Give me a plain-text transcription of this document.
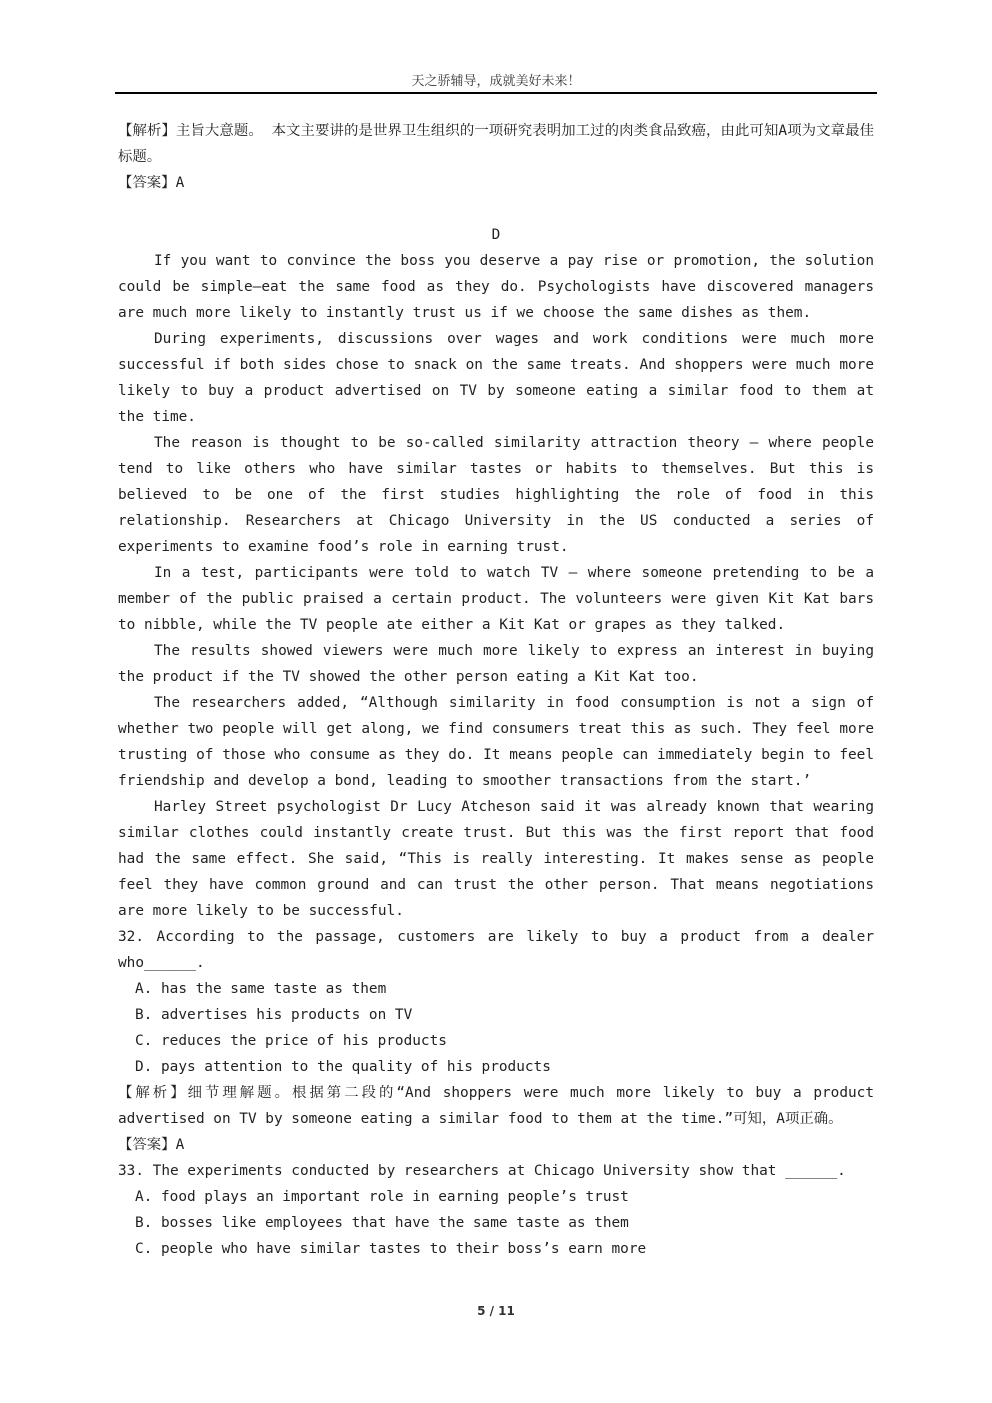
天之骄辅导，成就美好未来！

【解析】主旨大意题。 本文主要讲的是世界卫生组织的一项研究表明加工过的肉类食品致癌，由此可知A项为文章最佳标题。

【答案】A

D

If you want to convince the boss you deserve a pay rise or promotion, the solution could be simple—eat the same food as they do. Psychologists have discovered managers are much more likely to instantly trust us if we choose the same dishes as them.

During experiments, discussions over wages and work conditions were much more successful if both sides chose to snack on the same treats. And shoppers were much more likely to buy a product advertised on TV by someone eating a similar food to them at the time.

The reason is thought to be so-called similarity attraction theory – where people tend to like others who have similar tastes or habits to themselves. But this is believed to be one of the first studies highlighting the role of food in this relationship. Researchers at Chicago University in the US conducted a series of experiments to examine food’s role in earning trust.

In a test, participants were told to watch TV – where someone pretending to be a member of the public praised a certain product. The volunteers were given Kit Kat bars to nibble, while the TV people ate either a Kit Kat or grapes as they talked.

The results showed viewers were much more likely to express an interest in buying the product if the TV showed the other person eating a Kit Kat too.

The researchers added, “Although similarity in food consumption is not a sign of whether two people will get along, we find consumers treat this as such. They feel more trusting of those who consume as they do. It means people can immediately begin to feel friendship and develop a bond, leading to smoother transactions from the start.’

Harley Street psychologist Dr Lucy Atcheson said it was already known that wearing similar clothes could instantly create trust. But this was the first report that food had the same effect. She said, “This is really interesting. It makes sense as people feel they have common ground and can trust the other person. That means negotiations are more likely to be successful.

32. According to the passage, customers are likely to buy a product from a dealer who______.

A. has the same taste as them

B. advertises his products on TV

C. reduces the price of his products

D. pays attention to the quality of his products

【解析】细节理解题。根据第二段的“And shoppers were much more likely to buy a product advertised on TV by someone eating a similar food to them at the time.”可知，A项正确。

【答案】A

33. The experiments conducted by researchers at Chicago University show that ______.

A. food plays an important role in earning people’s trust

B. bosses like employees that have the same taste as them

C. people who have similar tastes to their boss’s earn more

5 / 11
